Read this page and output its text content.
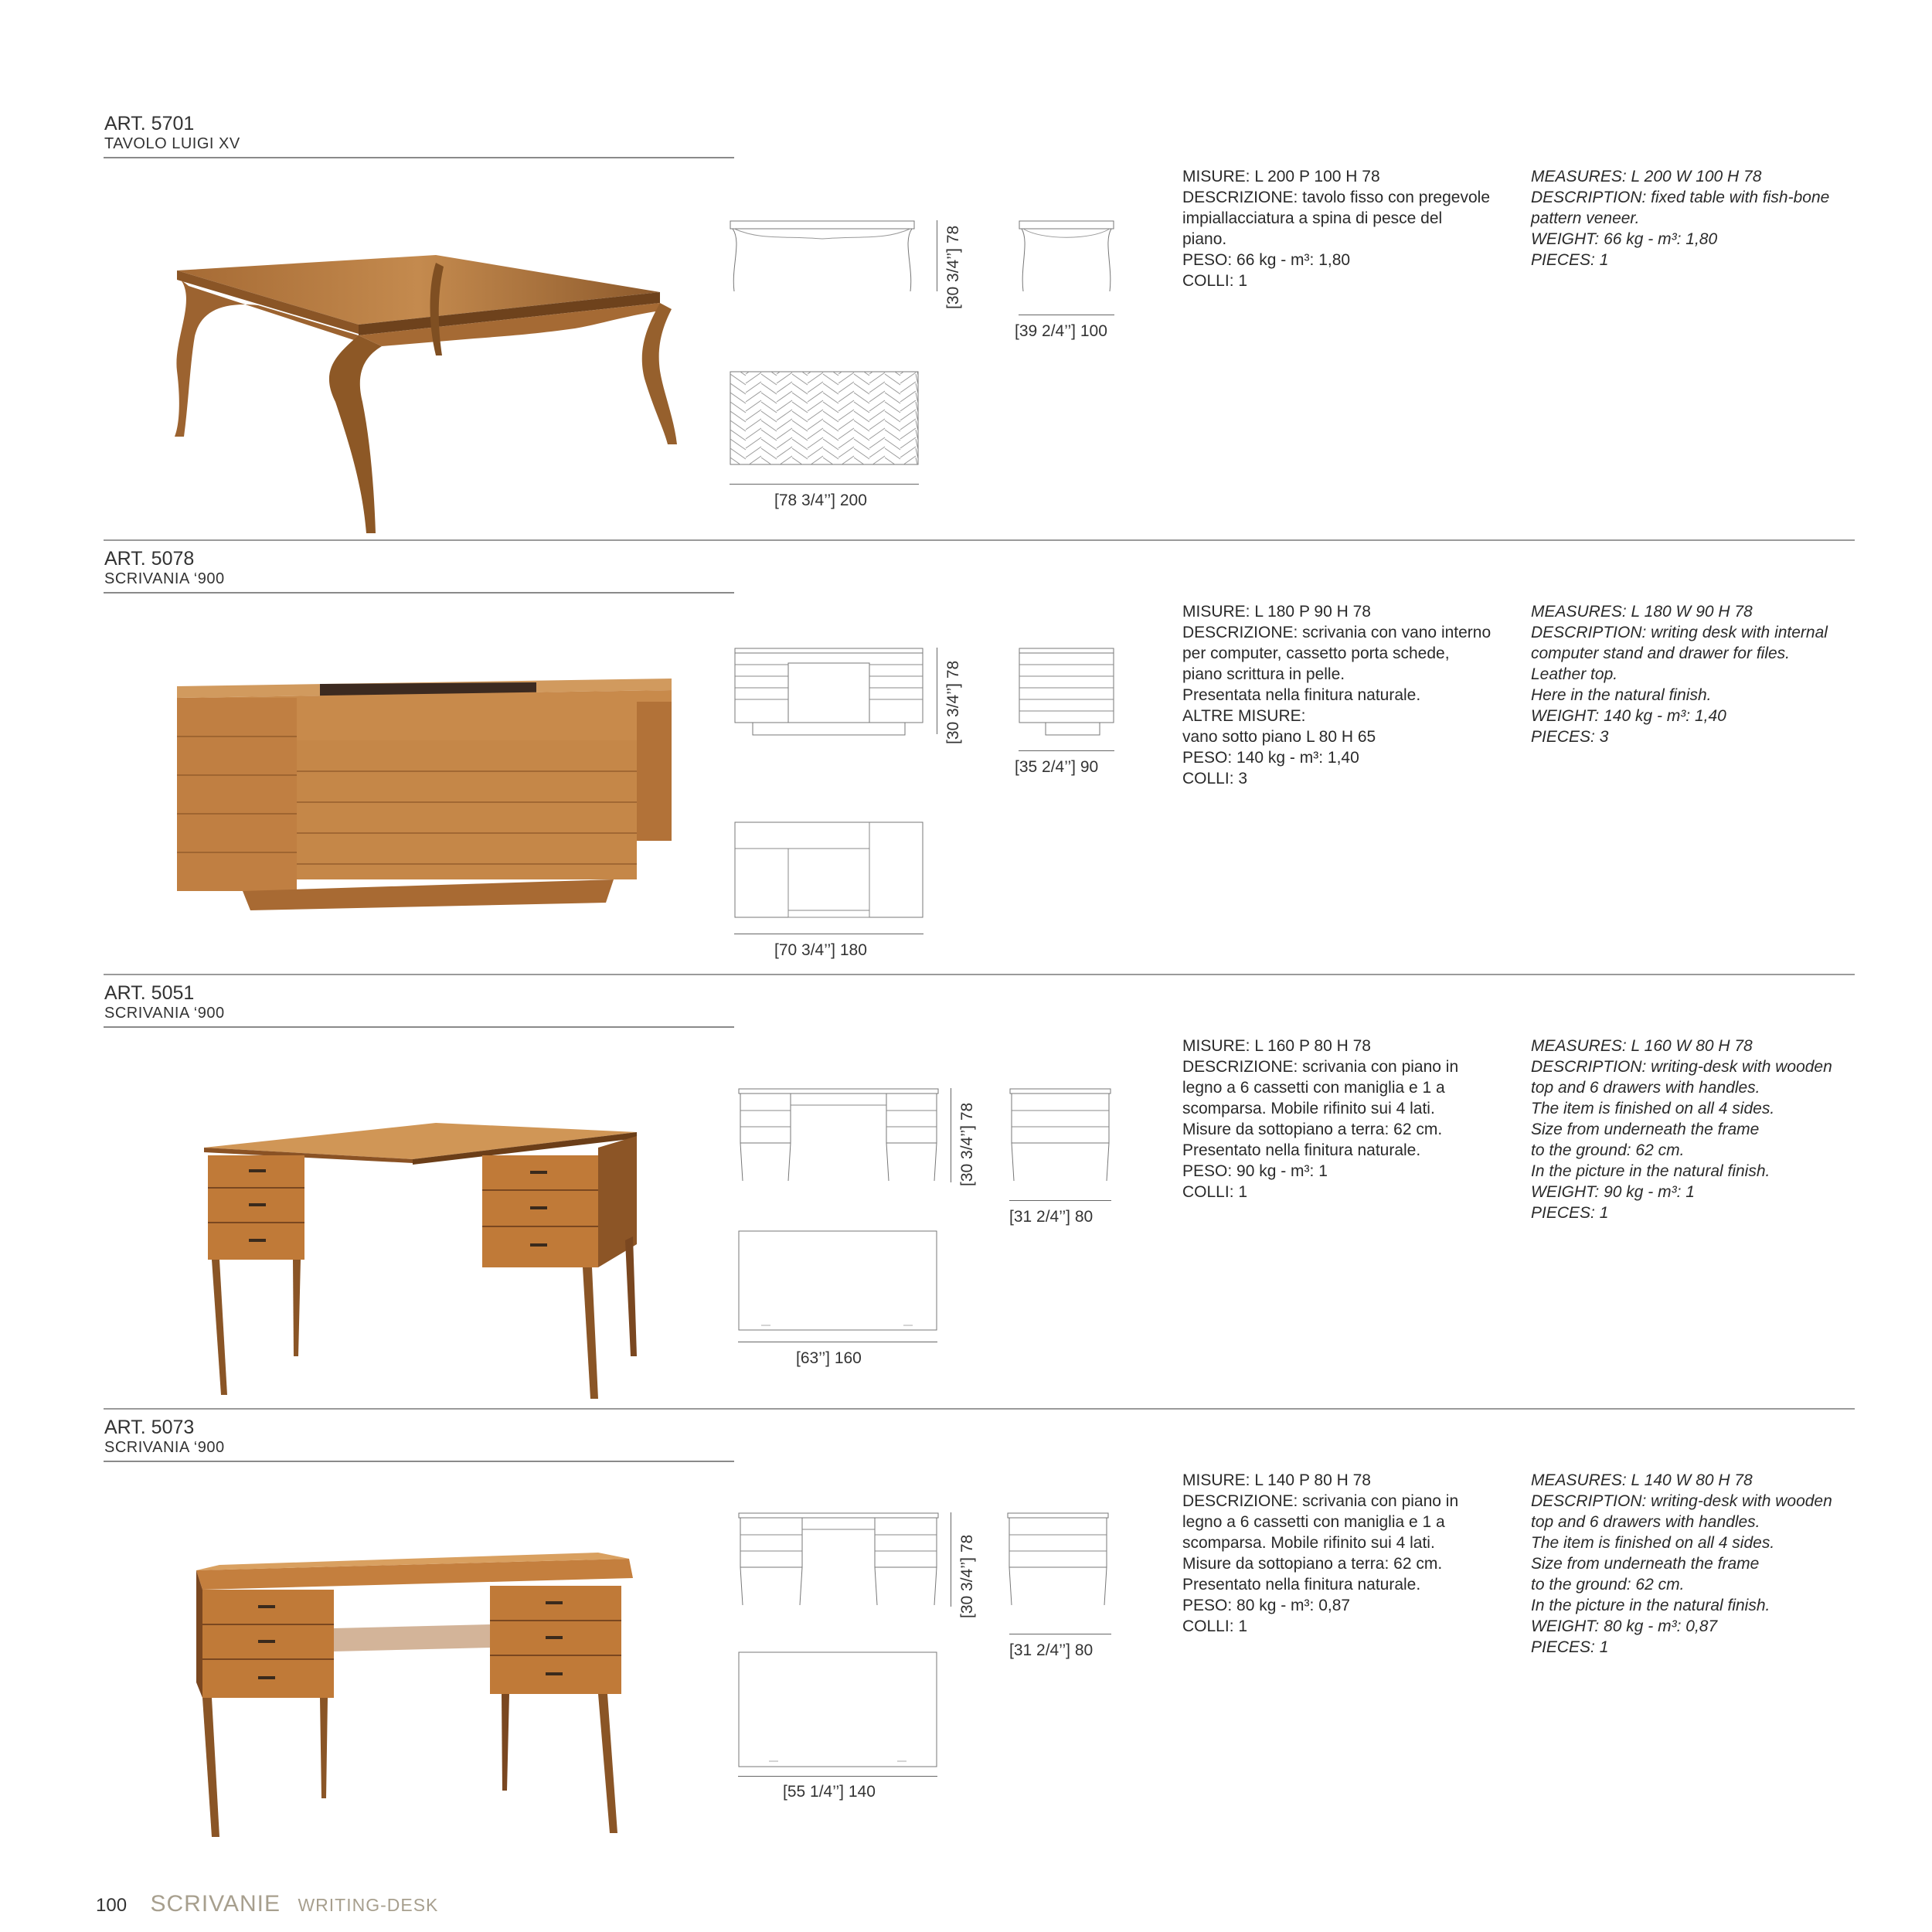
ART. 5701
TAVOLO LUIGI XV
[30 3/4’’] 78
[39 2/4’’] 100
[78 3/4’’] 200

MISURE: L 200 P 100 H 78

DESCRIZIONE: tavolo fisso con pregevole

impiallacciatura a spina di pesce del

piano.

PESO: 66 kg - m³: 1,80

COLLI: 1

MEASURES: L 200 W 100 H 78

DESCRIPTION: fixed table with fish-bone

pattern veneer.

WEIGHT: 66 kg - m³: 1,80

PIECES: 1

ART. 5078
SCRIVANIA ‘900
[30 3/4’’] 78
[35 2/4’’] 90
[70 3/4’’] 180

MISURE: L 180 P 90 H 78

DESCRIZIONE: scrivania con vano interno

per computer, cassetto porta schede,

piano scrittura in pelle.

Presentata nella finitura naturale.

ALTRE MISURE:

vano sotto piano L 80 H 65

PESO: 140 kg - m³: 1,40

COLLI: 3

MEASURES: L 180 W 90 H 78

DESCRIPTION: writing desk with internal

computer stand and drawer for files.

Leather top.

Here in the natural finish.

WEIGHT: 140 kg - m³: 1,40

PIECES: 3

ART. 5051
SCRIVANIA ‘900
[30 3/4’’] 78
[31 2/4’’] 80
[63’’] 160

MISURE: L 160 P 80 H 78

DESCRIZIONE: scrivania con piano in

legno a 6 cassetti con maniglia e 1 a

scomparsa. Mobile rifinito sui 4 lati.

Misure da sottopiano a terra: 62 cm.

Presentato nella finitura naturale.

PESO: 90 kg - m³: 1

COLLI: 1

MEASURES: L 160 W 80 H 78

DESCRIPTION: writing-desk with wooden

top and 6 drawers with handles.

The item is finished on all 4 sides.

Size from underneath the frame

to the ground: 62 cm.

In the picture in the natural finish.

WEIGHT: 90 kg - m³: 1

PIECES: 1

ART. 5073
SCRIVANIA ‘900
[30 3/4’’] 78
[31 2/4’’] 80
[55 1/4’’] 140

MISURE: L 140 P 80 H 78

DESCRIZIONE: scrivania con piano in

legno a 6 cassetti con maniglia e 1 a

scomparsa. Mobile rifinito sui 4 lati.

Misure da sottopiano a terra: 62 cm.

Presentato nella finitura naturale.

PESO: 80 kg - m³: 0,87

COLLI: 1

MEASURES: L 140 W 80 H 78

DESCRIPTION: writing-desk with wooden

top and 6 drawers with handles.

The item is finished on all 4 sides.

Size from underneath the frame

to the ground: 62 cm.

In the picture in the natural finish.

WEIGHT: 80 kg - m³: 0,87

PIECES: 1

100 SCRIVANIE WRITING-DESK
